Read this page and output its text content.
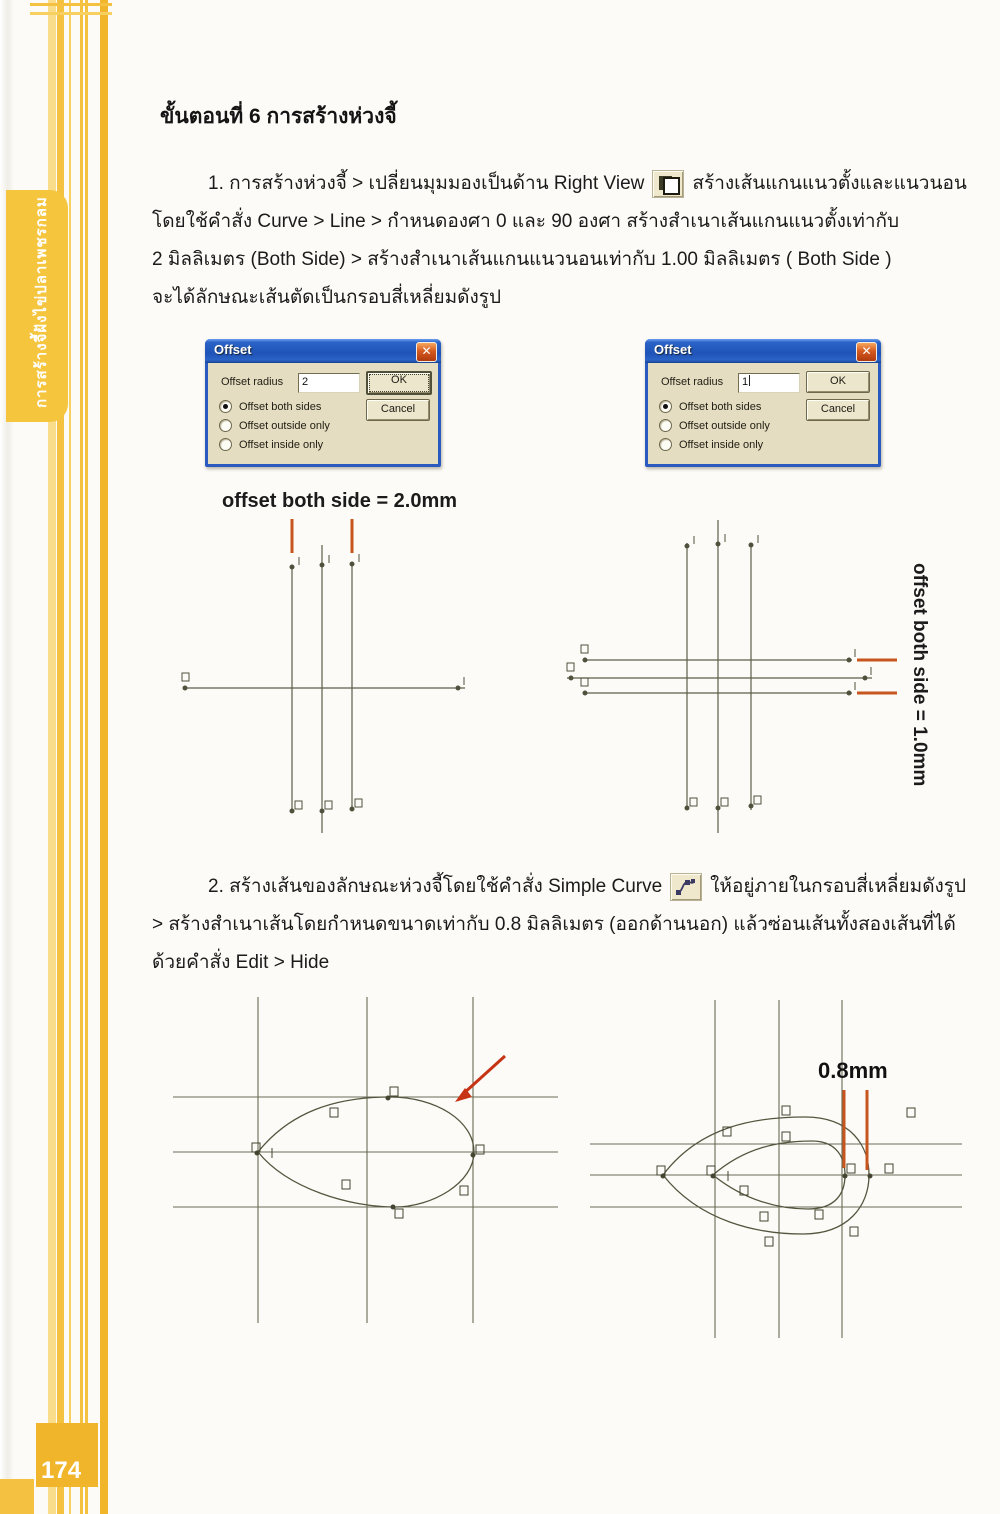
การสร้างจี้ฝังไข่ปลาเพชรกลม
174
ขั้นตอนที่ 6 การสร้างห่วงจี้
1. การสร้างห่วงจี้ > เปลี่ยนมุมมองเป็นด้าน Right View	สร้างเส้นแกนแนวตั้งและแนวนอน
โดยใช้คำสั่ง Curve > Line > กำหนดองศา 0 และ 90 องศา สร้างสำเนาเส้นแกนแนวตั้งเท่ากับ
2 มิลลิเมตร (Both Side) > สร้างสำเนาเส้นแกนแนวนอนเท่ากับ 1.00 มิลลิเมตร ( Both Side )
จะได้ลักษณะเส้นตัดเป็นกรอบสี่เหลี่ยมดังรูป
Offset	✕
Offset radius	2	OK
Cancel
Offset both sides
Offset outside only
Offset inside only
Offset	✕
Offset radius	1	OK
Cancel
Offset both sides
Offset outside only
Offset inside only
offset both side = 2.0mm
offset both side = 1.0mm
2. สร้างเส้นของลักษณะห่วงจี้โดยใช้คำสั่ง Simple Curve	ให้อยู่ภายในกรอบสี่เหลี่ยมดังรูป
> สร้างสำเนาเส้นโดยกำหนดขนาดเท่ากับ 0.8 มิลลิเมตร (ออกด้านนอก) แล้วซ่อนเส้นทั้งสองเส้นที่ได้
ด้วยคำสั่ง Edit > Hide
0.8mm
